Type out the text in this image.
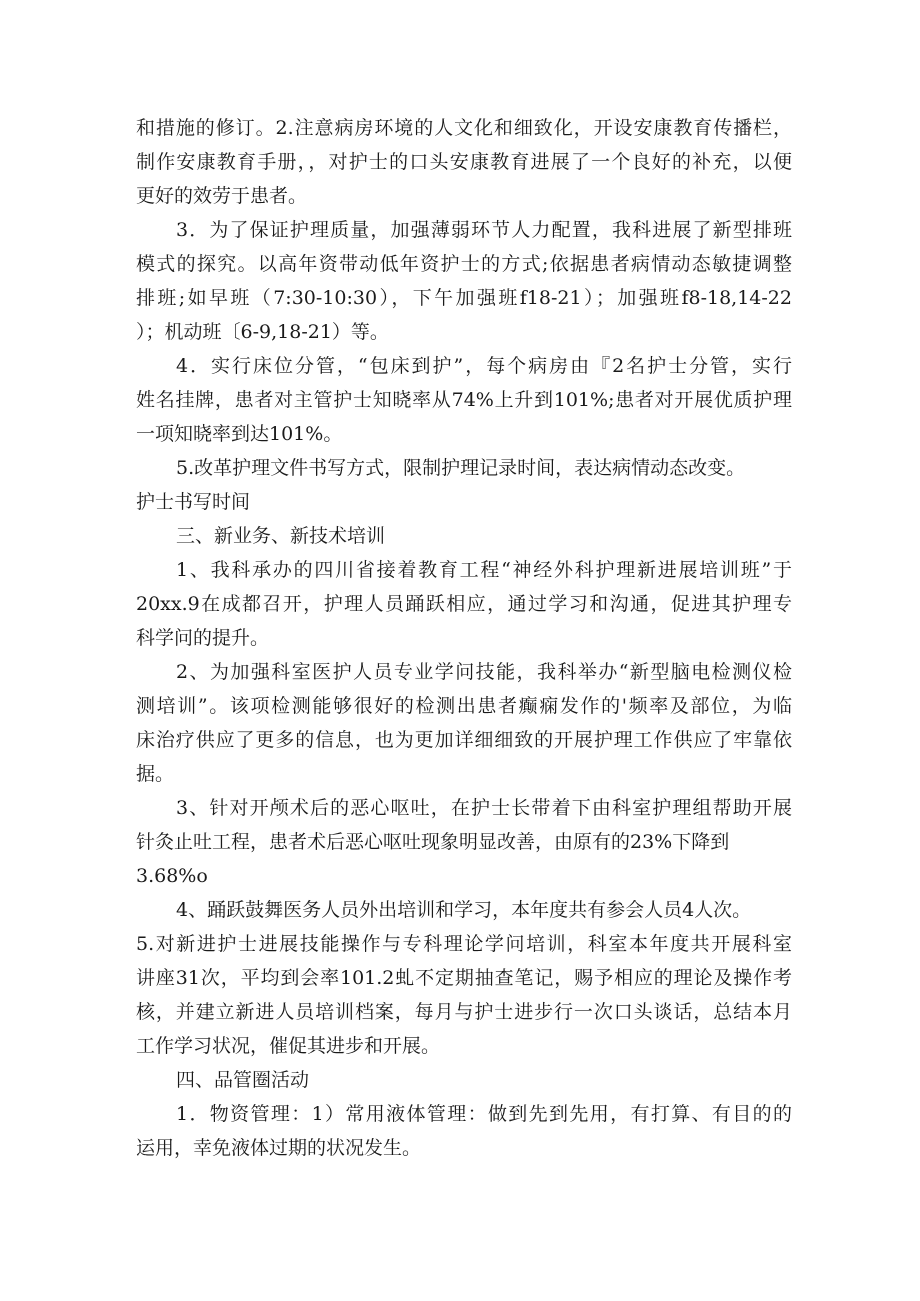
和措施的修订。2.注意病房环境的人文化和细致化，开设安康教育传播栏，
制作安康教育手册，，对护士的口头安康教育进展了一个良好的补充，以便
更好的效劳于患者。
3．为了保证护理质量，加强薄弱环节人力配置，我科进展了新型排班
模式的探究。以高年资带动低年资护士的方式;依据患者病情动态敏捷调整
排班;如早班（7:30-10:30），下午加强班f18-21）；加强班f8-18,14-22
）；机动班〔6-9,18-21）等。
4．实行床位分管，“包床到护”，每个病房由『2名护士分管，实行
姓名挂牌，患者对主管护士知晓率从74%上升到101%;患者对开展优质护理
一项知晓率到达101%。
5.改革护理文件书写方式，限制护理记录时间，表达病情动态改变。
护士书写时间
三、新业务、新技术培训
1、我科承办的四川省接着教育工程“神经外科护理新进展培训班”于
20xx.9在成都召开，护理人员踊跃相应，通过学习和沟通，促进其护理专
科学问的提升。
2、为加强科室医护人员专业学问技能，我科举办“新型脑电检测仪检
测培训”。该项检测能够很好的检测出患者癫痫发作的'频率及部位，为临
床治疗供应了更多的信息，也为更加详细细致的开展护理工作供应了牢靠依
据。
3、针对开颅术后的恶心呕吐，在护士长带着下由科室护理组帮助开展
针灸止吐工程，患者术后恶心呕吐现象明显改善，由原有的23%下降到
3.68%o
4、踊跃鼓舞医务人员外出培训和学习，本年度共有参会人员4人次。
5.对新进护士进展技能操作与专科理论学问培训，科室本年度共开展科室
讲座31次，平均到会率101.2虬不定期抽查笔记，赐予相应的理论及操作考
核，并建立新进人员培训档案，每月与护士进步行一次口头谈话，总结本月
工作学习状况，催促其进步和开展。
四、品管圈活动
1．物资管理：1）常用液体管理：做到先到先用，有打算、有目的的
运用，幸免液体过期的状况发生。
